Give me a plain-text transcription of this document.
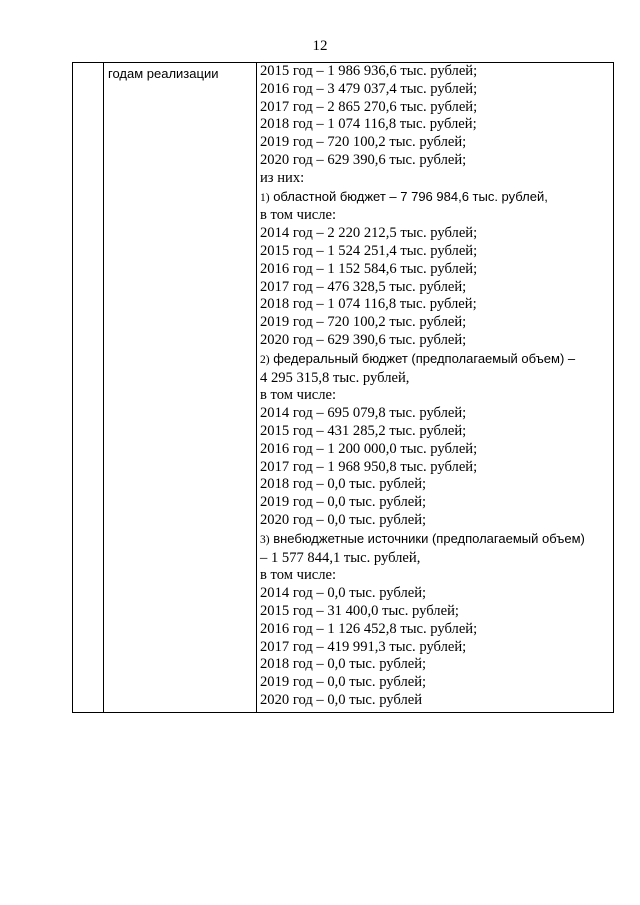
12
	годам реализации	2015 год – 1 986 936,6 тыс. рублей;
2016 год – 3 479 037,4 тыс. рублей;
2017 год – 2 865 270,6 тыс. рублей;
2018 год – 1 074 116,8 тыс. рублей;
2019 год – 720 100,2 тыс. рублей;
2020 год – 629 390,6 тыс. рублей;
из них:
1) областной бюджет – 7 796 984,6 тыс. рублей,
в том числе:
2014 год – 2 220 212,5 тыс. рублей;
2015 год – 1 524 251,4 тыс. рублей;
2016 год – 1 152 584,6 тыс. рублей;
2017 год – 476 328,5 тыс. рублей;
2018 год – 1 074 116,8 тыс. рублей;
2019 год – 720 100,2 тыс. рублей;
2020 год – 629 390,6 тыс. рублей;
2) федеральный бюджет (предполагаемый объем) –
4 295 315,8 тыс. рублей,
в том числе:
2014 год – 695 079,8 тыс. рублей;
2015 год – 431 285,2 тыс. рублей;
2016 год – 1 200 000,0 тыс. рублей;
2017 год – 1 968 950,8 тыс. рублей;
2018 год – 0,0 тыс. рублей;
2019 год – 0,0 тыс. рублей;
2020 год – 0,0 тыс. рублей;
3) внебюджетные источники (предполагаемый объем)
– 1 577 844,1 тыс. рублей,
в том числе:
2014 год – 0,0 тыс. рублей;
2015 год – 31 400,0 тыс. рублей;
2016 год – 1 126 452,8 тыс. рублей;
2017 год – 419 991,3 тыс. рублей;
2018 год – 0,0 тыс. рублей;
2019 год – 0,0 тыс. рублей;
2020 год – 0,0 тыс. рублей
